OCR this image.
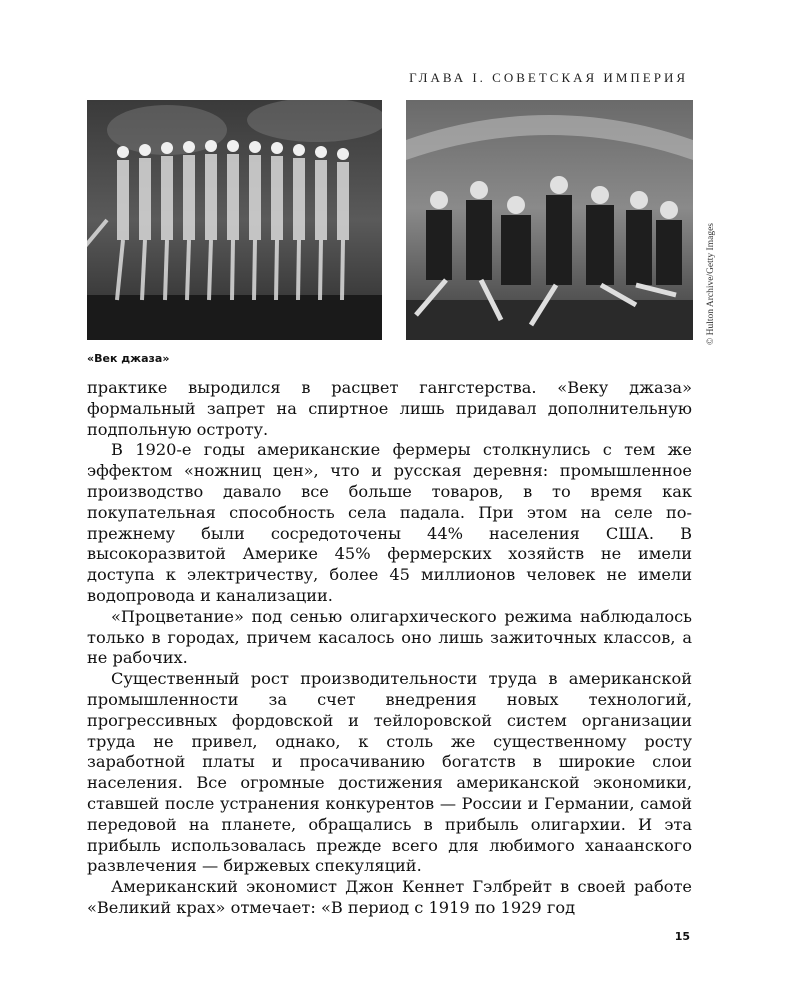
ГЛАВА I. СОВЕТСКАЯ ИМПЕРИЯ
© Hulton Archive/Getty Images
«Век джаза»

практике выродился в расцвет гангстерства. «Веку джаза» формальный запрет на спиртное лишь придавал дополнительную подпольную остроту.

В 1920-е годы американские фермеры столкнулись с тем же эффектом «ножниц цен», что и русская деревня: промышленное производство давало все больше товаров, в то время как покупательная способность села падала. При этом на селе по-прежнему были сосредоточены 44% населения США. В высокоразвитой Америке 45% фермерских хозяйств не имели доступа к электричеству, более 45 миллионов человек не имели водопровода и канализации.

«Процветание» под сенью олигархического режима наблюдалось только в городах, причем касалось оно лишь зажиточных классов, а не рабочих.

Существенный рост производительности труда в американской промышленности за счет внедрения новых технологий, прогрессивных фордовской и тейлоровской систем организации труда не привел, однако, к столь же существенному росту заработной платы и просачиванию богатств в широкие слои населения. Все огромные достижения американской экономики, ставшей после устранения конкурентов — России и Германии, самой передовой на планете, обращались в прибыль олигархии. И эта прибыль использовалась прежде всего для любимого ханаанского развлечения — биржевых спекуляций.

Американский экономист Джон Кеннет Гэлбрейт в своей работе «Великий крах» отмечает: «В период с 1919 по 1929 год

15
